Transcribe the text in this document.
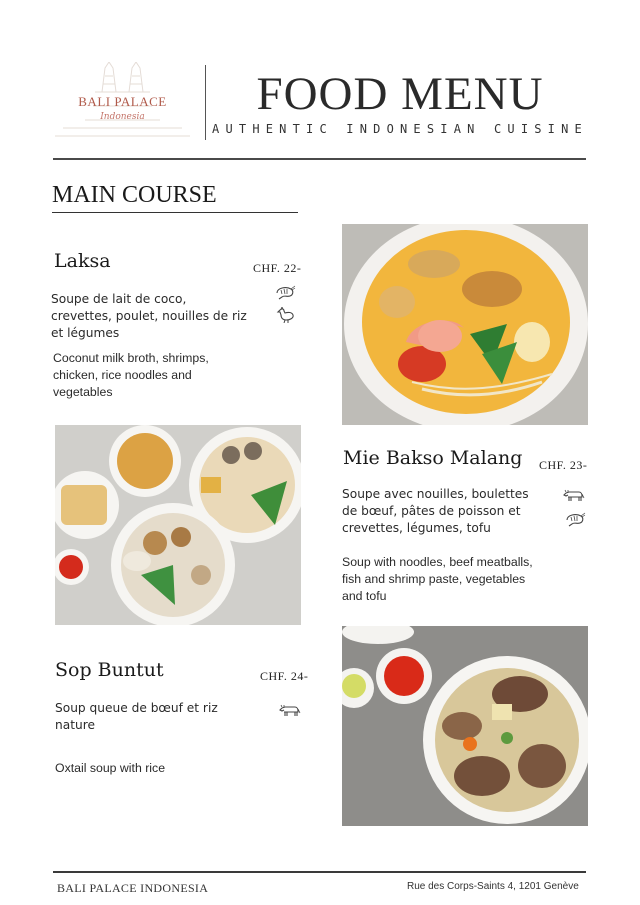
BALI PALACE
Indonesia	FOOD MENU
AUTHENTIC INDONESIAN CUISINE
MAIN COURSE
Laksa	CHF. 22-
Soupe de lait de coco,
crevettes, poulet, nouilles de riz
et légumes
Coconut milk broth, shrimps,
chicken, rice noodles and
vegetables
Mie Bakso Malang CHF. 23-
Soupe avec nouilles, boulettes
de bœuf, pâtes de poisson et
crevettes, légumes, tofu
Soup with noodles, beef meatballs,
fish and shrimp paste, vegetables
and tofu
Sop Buntut	CHF. 24-
Soup queue de bœuf et riz
nature
Oxtail soup with rice
BALI PALACE INDONESIA	Rue des Corps-Saints 4, 1201 Genève
